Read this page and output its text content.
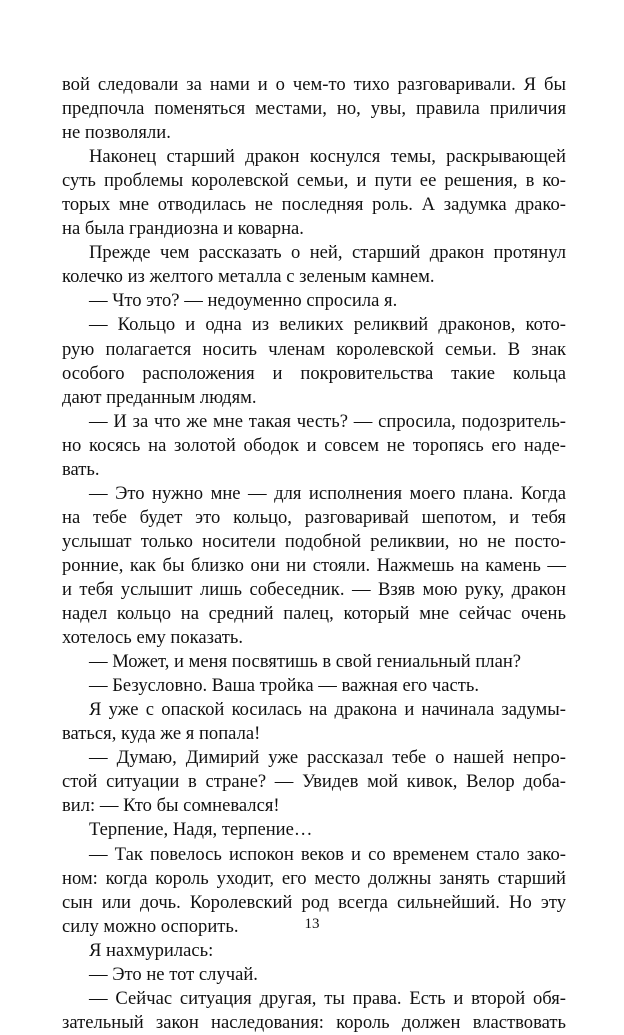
вой следовали за нами и о чем-то тихо разговаривали. Я бы
предпочла поменяться местами, но, увы, правила приличия
не позволяли.
Наконец старший дракон коснулся темы, раскрывающей
суть проблемы королевской семьи, и пути ее решения, в ко-
торых мне отводилась не последняя роль. А задумка драко-
на была грандиозна и коварна.
Прежде чем рассказать о ней, старший дракон протянул
колечко из желтого металла с зеленым камнем.
— Что это? — недоуменно спросила я.
— Кольцо и одна из великих реликвий драконов, кото-
рую полагается носить членам королевской семьи. В знак
особого расположения и покровительства такие кольца
дают преданным людям.
— И за что же мне такая честь? — спросила, подозритель-
но косясь на золотой ободок и совсем не торопясь его наде-
вать.
— Это нужно мне — для исполнения моего плана. Когда
на тебе будет это кольцо, разговаривай шепотом, и тебя
услышат только носители подобной реликвии, но не посто-
ронние, как бы близко они ни стояли. Нажмешь на камень —
и тебя услышит лишь собеседник. — Взяв мою руку, дракон
надел кольцо на средний палец, который мне сейчас очень
хотелось ему показать.
— Может, и меня посвятишь в свой гениальный план?
— Безусловно. Ваша тройка — важная его часть.
Я уже с опаской косилась на дракона и начинала задумы-
ваться, куда же я попала!
— Думаю, Димирий уже рассказал тебе о нашей непро-
стой ситуации в стране? — Увидев мой кивок, Велор доба-
вил: — Кто бы сомневался!
Терпение, Надя, терпение…
— Так повелось испокон веков и со временем стало зако-
ном: когда король уходит, его место должны занять старший
сын или дочь. Королевский род всегда сильнейший. Но эту
силу можно оспорить.
Я нахмурилась:
— Это не тот случай.
— Сейчас ситуация другая, ты права. Есть и второй обя-
зательный закон наследования: король должен властвовать
13
